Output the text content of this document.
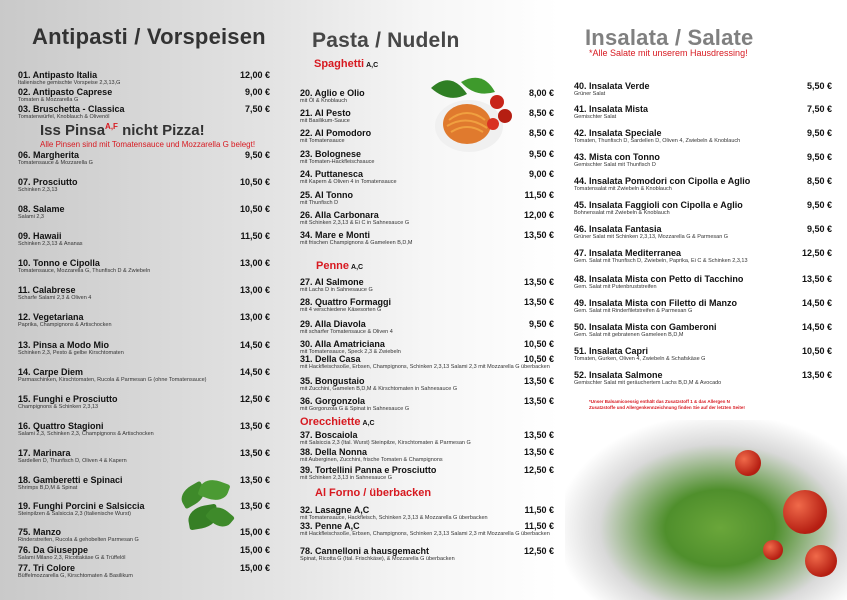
Antipasti / Vorspeisen
01. Antipasto Italia
Italienische gemischte Vorspeise 2,3,13,G
12,00 €
02. Antipasto Caprese
Tomaten & Mozzarella G
9,00 €
03. Bruschetta - Classica
Tomatenwürfel, Knoblauch & Olivenöl
7,50 €
Iss Pinsa$^{A,F}$ nicht Pizza!
Alle Pinsen sind mit Tomatensauce und Mozzarella G belegt!
06. Margherita
Tomatensauce & Mozzarella G
9,50 €
07. Prosciutto
Schinken 2,3,13
10,50 €
08. Salame
Salami 2,3
10,50 €
09. Hawaii
Schinken 2,3,13 & Ananas
11,50 €
10. Tonno e Cipolla
Tomatensauce, Mozzarella G, Thunfisch D & Zwiebeln
13,00 €
11. Calabrese
Scharfe Salami 2,3 & Oliven 4
13,00 €
12. Vegetariana
Paprika, Champignons & Artischocken
13,00 €
13. Pinsa a Modo Mio
Schinken 2,3, Pesto & gelbe Kirschtomaten
14,50 €
14. Carpe Diem
Parmaschinken, Kirschtomaten, Rucola & Parmesan G (ohne Tomatensauce)
14,50 €
15. Funghi e Prosciutto
Champignons & Schinken 2,3,13
12,50 €
16. Quattro Stagioni
Salami 2,3, Schinken 2,3, Champignons & Artischocken
13,50 €
17. Marinara
Sardellen D, Thunfisch D, Oliven 4 & Kapern
13,50 €
18. Gamberetti e Spinaci
Shrimps B,D,M & Spinat
13,50 €
19. Funghi Porcini e Salsiccia
Steinpilzen & Salsiccia 2,3 (Italienische Wurst)
13,50 €
75. Manzo
Rinderstreifen, Rucola & gehobelten Parmesan G
15,00 €
76. Da Giuseppe
Salami Milano 2,3, Ricottakäse G & Trüffelöl
15,00 €
77. Tri Colore
Büffelmozzarella G, Kirschtomaten & Basilikum
15,00 €
Pasta / Nudeln
Spaghetti A,C
20. Aglio e Olio
mit Öl & Knoblauch
8,00 €
21. Al Pesto
mit Basilikum-Sauce
8,50 €
22. Al Pomodoro
mit Tomatensauce
8,50 €
23. Bolognese
mit Tomaten-Hackfleischsauce
9,50 €
24. Puttanesca
mit Kapern & Oliven 4 in Tomatensauce
9,00 €
25. Al Tonno
mit Thunfisch D
11,50 €
26. Alla Carbonara
mit Schinken 2,3,13 & Ei C in Sahnesauce G
12,00 €
34. Mare e Monti
mit frischen Champignons & Gameleen B,D,M
13,50 €
Penne A,C
27. Al Salmone
mit Lachs D in Sahnesauce G
13,50 €
28. Quattro Formaggi
mit 4 verschiedene Käsesorten G
13,50 €
29. Alla Diavola
mit scharfer Tomatensauce & Oliven 4
9,50 €
30. Alla Amatriciana
mit Tomatensauce, Speck 2,3 & Zwiebeln
10,50 €
31. Della Casa
mit Hackfleischsoße, Erbsen, Champignons, Schinken 2,3,13 Salami 2,3 mit Mozzarella G überbacken
10,50 €
35. Bongustaio
mit Zucchini, Gamelen B,D,M & Kirschtomaten in Sahnesauce G
13,50 €
36. Gorgonzola
mit Gorgonzola G & Spinat in Sahnesauce G
13,50 €
Orecchiette A,C
37. Boscaiola
mit Salsiccia 2,3 (Ital. Wurst) Steinpilze, Kirschtomaten & Parmesan G
13,50 €
38. Della Nonna
mit Auberginen, Zucchini, frische Tomaten & Champignons
13,50 €
39. Tortellini Panna e Prosciutto
mit Schinken 2,3,13 in Sahnesauce G
12,50 €
Al Forno / überbacken
32. Lasagne A,C
mit Tomatensauce, Hackfleisch, Schinken 2,3,13 & Mozzarella G überbacken
11,50 €
33. Penne A,C
mit Hackfleischsoße, Erbsen, Champignons, Schinken 2,3,13 Salami 2,3 mit Mozzarella G überbacken
11,50 €
78. Cannelloni a hausgemacht
Spinat, Ricotta G (Ital. Frischkäse), & Mozzarella G überbacken
12,50 €
Insalata / Salate
*Alle Salate mit unserem Hausdressing!
40. Insalata Verde
Grüner Salat
5,50 €
41. Insalata Mista
Gemischter Salat
7,50 €
42. Insalata Speciale
Tomaten, Thunfisch D, Sardellen D, Oliven 4, Zwiebeln & Knoblauch
9,50 €
43. Mista con Tonno
Gemischter Salat mit Thunfisch D
9,50 €
44. Insalata Pomodori con Cipolla e Aglio
Tomatensalat mit Zwiebeln & Knoblauch
8,50 €
45. Insalata Faggioli con Cipolla e Aglio
Bohnensalat mit Zwiebeln & Knoblauch
9,50 €
46. Insalata Fantasia
Grüner Salat mit Schinken 2,3,13, Mozzarella G & Parmesan G
9,50 €
47. Insalata Mediterranea
Gem. Salat mit Thunfisch D, Zwiebeln, Paprika, Ei C & Schinken 2,3,13
12,50 €
48. Insalata Mista con Petto di Tacchino
Gem. Salat mit Putenbruststreifen
13,50 €
49. Insalata Mista con Filetto di Manzo
Gem. Salat mit Rinderfiletstreifen & Parmesan G
14,50 €
50. Insalata Mista con Gamberoni
Gem. Salat mit gebratenen Gameleen B,D,M
14,50 €
51. Insalata Capri
Tomaten, Gurken, Oliven 4, Zwiebeln & Schafskäse G
10,50 €
52. Insalata Salmone
Gemischter Salat mit geräuchertem Lachs B,D,M & Avocado
13,50 €
*Unser Balsamicoessig enthält das Zusatzstoff 1 & das Allergen N
Zusatzstoffe und Allergenkennzeichnung finden Sie auf der letzten Seite!
